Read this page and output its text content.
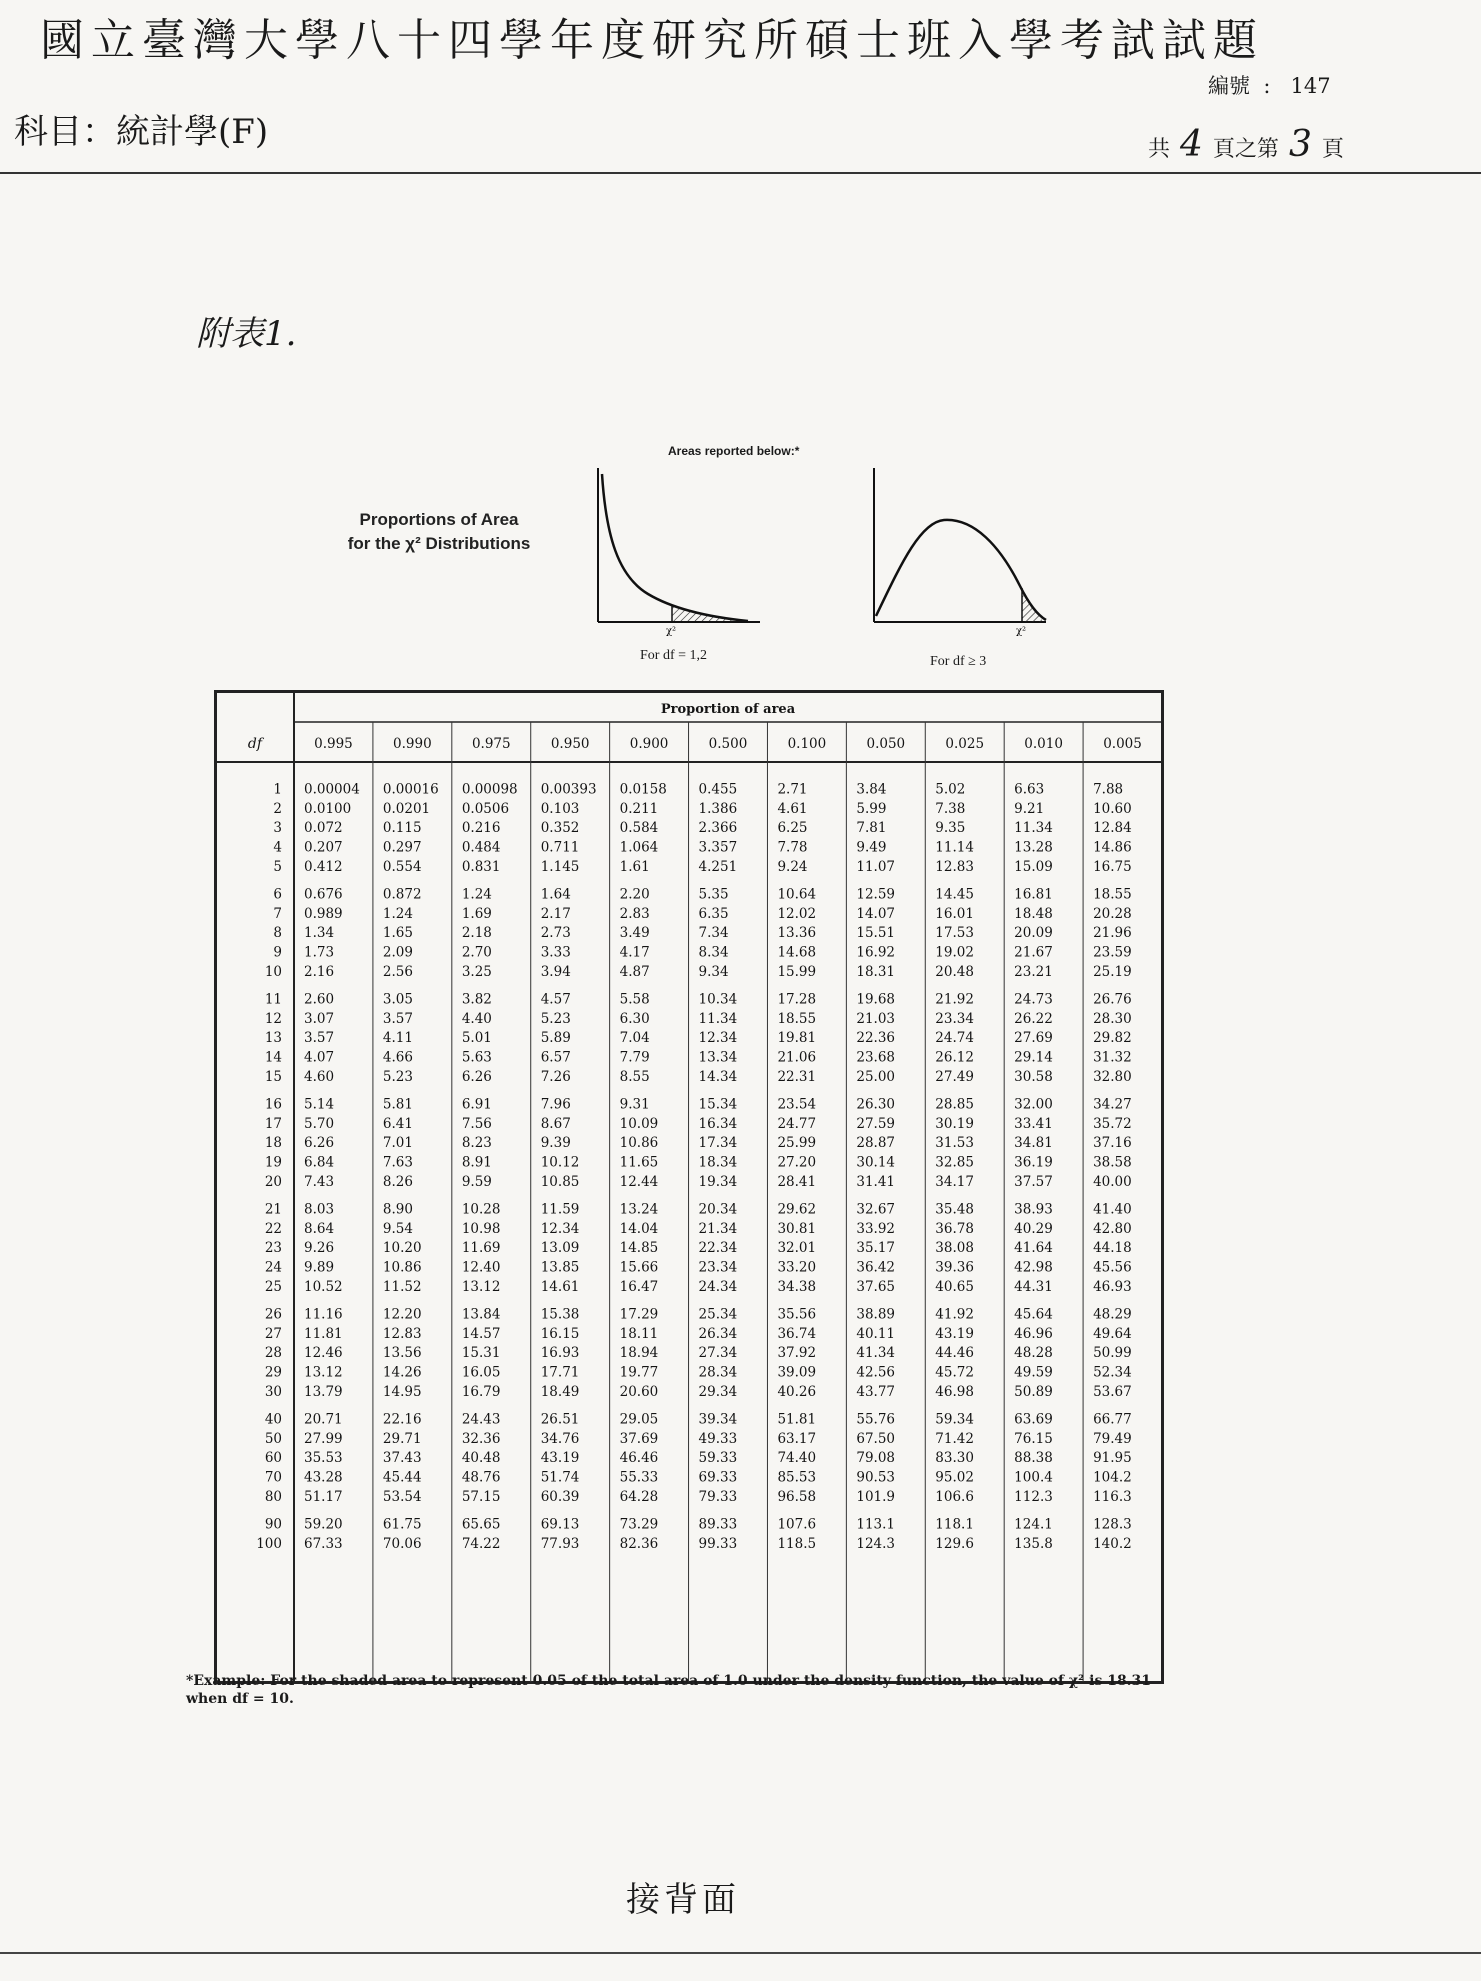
國立臺灣大學八十四學年度研究所碩士班入學考試試題
科目：統計學(F)
編號  :   147
共 4 頁之第 3 頁
附表1.
Proportions of Area
for the χ² Distributions
Areas reported below:*
χ²
For df = 1,2
χ²
For df ≥ 3
Proportion of area
df	0.995	0.990	0.975	0.950	0.900	0.500	0.100	0.050	0.025	0.010	0.005
1 0.00004 0.00016 0.00098 0.00393 0.0158 0.455	2.71	3.84	5.02	6.63	7.88
2 0.0100 0.0201 0.0506 0.103	0.211	1.386	4.61	5.99	7.38	9.21	10.60
3 0.072	0.115	0.216	0.352	0.584	2.366	6.25	7.81	9.35	11.34	12.84
4 0.207	0.297	0.484	0.711	1.064	3.357	7.78	9.49	11.14	13.28	14.86
5 0.412	0.554	0.831	1.145	1.61	4.251	9.24	11.07	12.83	15.09	16.75
6 0.676	0.872	1.24	1.64	2.20	5.35	10.64	12.59	14.45	16.81	18.55
7 0.989	1.24	1.69	2.17	2.83	6.35	12.02	14.07	16.01	18.48	20.28
8 1.34	1.65	2.18	2.73	3.49	7.34	13.36	15.51	17.53	20.09	21.96
9 1.73	2.09	2.70	3.33	4.17	8.34	14.68	16.92	19.02	21.67	23.59
10 2.16	2.56	3.25	3.94	4.87	9.34	15.99	18.31	20.48	23.21	25.19
11 2.60	3.05	3.82	4.57	5.58	10.34	17.28	19.68	21.92	24.73	26.76
12 3.07	3.57	4.40	5.23	6.30	11.34	18.55	21.03	23.34	26.22	28.30
13 3.57	4.11	5.01	5.89	7.04	12.34	19.81	22.36	24.74	27.69	29.82
14 4.07	4.66	5.63	6.57	7.79	13.34	21.06	23.68	26.12	29.14	31.32
15 4.60	5.23	6.26	7.26	8.55	14.34	22.31	25.00	27.49	30.58	32.80
16 5.14	5.81	6.91	7.96	9.31	15.34	23.54	26.30	28.85	32.00	34.27
17 5.70	6.41	7.56	8.67	10.09	16.34	24.77	27.59	30.19	33.41	35.72
18 6.26	7.01	8.23	9.39	10.86	17.34	25.99	28.87	31.53	34.81	37.16
19 6.84	7.63	8.91	10.12	11.65	18.34	27.20	30.14	32.85	36.19	38.58
20 7.43	8.26	9.59	10.85	12.44	19.34	28.41	31.41	34.17	37.57	40.00
21 8.03	8.90	10.28	11.59	13.24	20.34	29.62	32.67	35.48	38.93	41.40
22 8.64	9.54	10.98	12.34	14.04	21.34	30.81	33.92	36.78	40.29	42.80
23 9.26	10.20	11.69	13.09	14.85	22.34	32.01	35.17	38.08	41.64	44.18
24 9.89	10.86	12.40	13.85	15.66	23.34	33.20	36.42	39.36	42.98	45.56
25 10.52	11.52	13.12	14.61	16.47	24.34	34.38	37.65	40.65	44.31	46.93
26 11.16	12.20	13.84	15.38	17.29	25.34	35.56	38.89	41.92	45.64	48.29
27 11.81	12.83	14.57	16.15	18.11	26.34	36.74	40.11	43.19	46.96	49.64
28 12.46	13.56	15.31	16.93	18.94	27.34	37.92	41.34	44.46	48.28	50.99
29 13.12	14.26	16.05	17.71	19.77	28.34	39.09	42.56	45.72	49.59	52.34
30 13.79	14.95	16.79	18.49	20.60	29.34	40.26	43.77	46.98	50.89	53.67
40 20.71	22.16	24.43	26.51	29.05	39.34	51.81	55.76	59.34	63.69	66.77
50 27.99	29.71	32.36	34.76	37.69	49.33	63.17	67.50	71.42	76.15	79.49
60 35.53	37.43	40.48	43.19	46.46	59.33	74.40	79.08	83.30	88.38	91.95
70 43.28	45.44	48.76	51.74	55.33	69.33	85.53	90.53	95.02	100.4	104.2
80 51.17	53.54	57.15	60.39	64.28	79.33	96.58	101.9	106.6	112.3	116.3
90 59.20	61.75	65.65	69.13	73.29	89.33	107.6	113.1	118.1	124.1	128.3
100 67.33	70.06	74.22	77.93	82.36	99.33	118.5	124.3	129.6	135.8	140.2
*Example: For the shaded area to represent 0.05 of the total area of 1.0 under the density function, the value of χ² is 18.31 when df = 10.
接背面
